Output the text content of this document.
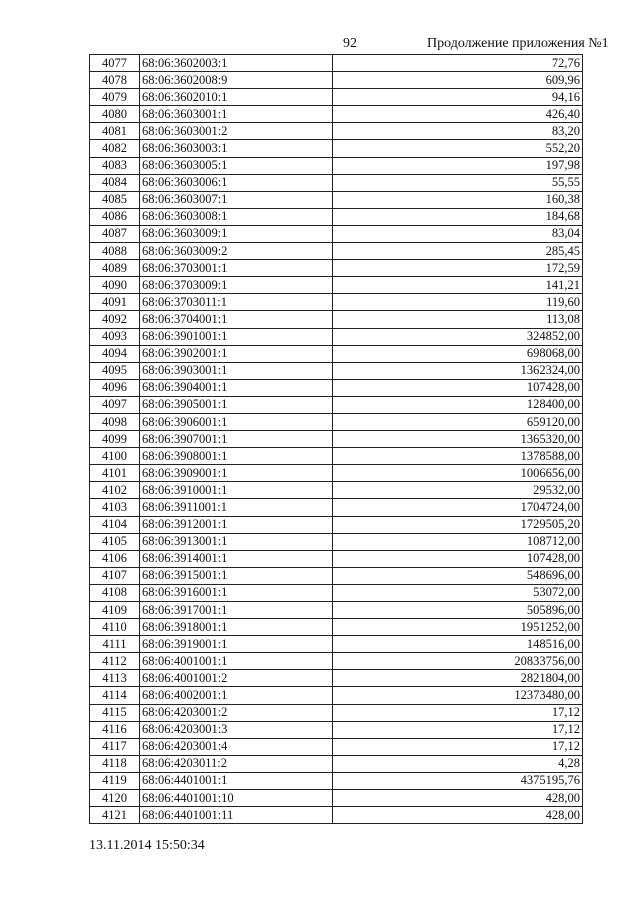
92	Продолжение приложения №1
4077	68:06:3602003:1	72,76
4078	68:06:3602008:9	609,96
4079	68:06:3602010:1	94,16
4080	68:06:3603001:1	426,40
4081	68:06:3603001:2	83,20
4082	68:06:3603003:1	552,20
4083	68:06:3603005:1	197,98
4084	68:06:3603006:1	55,55
4085	68:06:3603007:1	160,38
4086	68:06:3603008:1	184,68
4087	68:06:3603009:1	83,04
4088	68:06:3603009:2	285,45
4089	68:06:3703001:1	172,59
4090	68:06:3703009:1	141,21
4091	68:06:3703011:1	119,60
4092	68:06:3704001:1	113,08
4093	68:06:3901001:1	324852,00
4094	68:06:3902001:1	698068,00
4095	68:06:3903001:1	1362324,00
4096	68:06:3904001:1	107428,00
4097	68:06:3905001:1	128400,00
4098	68:06:3906001:1	659120,00
4099	68:06:3907001:1	1365320,00
4100	68:06:3908001:1	1378588,00
4101	68:06:3909001:1	1006656,00
4102	68:06:3910001:1	29532,00
4103	68:06:3911001:1	1704724,00
4104	68:06:3912001:1	1729505,20
4105	68:06:3913001:1	108712,00
4106	68:06:3914001:1	107428,00
4107	68:06:3915001:1	548696,00
4108	68:06:3916001:1	53072,00
4109	68:06:3917001:1	505896,00
4110	68:06:3918001:1	1951252,00
4111	68:06:3919001:1	148516,00
4112	68:06:4001001:1	20833756,00
4113	68:06:4001001:2	2821804,00
4114	68:06:4002001:1	12373480,00
4115	68:06:4203001:2	17,12
4116	68:06:4203001:3	17,12
4117	68:06:4203001:4	17,12
4118	68:06:4203011:2	4,28
4119	68:06:4401001:1	4375195,76
4120	68:06:4401001:10	428,00
4121	68:06:4401001:11	428,00
13.11.2014 15:50:34
